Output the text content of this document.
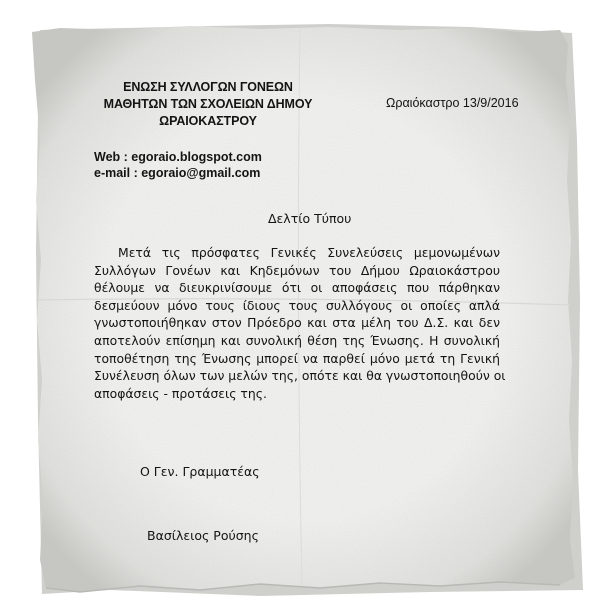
ΕΝΩΣΗ ΣΥΛΛΟΓΩΝ ΓΟΝΕΩΝ
ΜΑΘΗΤΩΝ ΤΩΝ ΣΧΟΛΕΙΩΝ ΔΗΜΟΥ
ΩΡΑΙΟΚΑΣΤΡΟΥ
Ωραιόκαστρο 13/9/2016
Web : egoraio.blogspot.com
e-mail : egoraio@gmail.com
Δελτίο Τύπου
Μετά τις πρόσφατες Γενικές Συνελεύσεις μεμονωμένων
Συλλόγων Γονέων και Κηδεμόνων του Δήμου Ωραιοκάστρου
θέλουμε να διευκρινίσουμε ότι οι αποφάσεις που πάρθηκαν
δεσμεύουν μόνο τους ίδιους τους συλλόγους οι οποίες απλά
γνωστοποιήθηκαν στον Πρόεδρο και στα μέλη του Δ.Σ. και δεν
αποτελούν επίσημη και συνολική θέση της Ένωσης. Η συνολική
τοποθέτηση της Ένωσης μπορεί να παρθεί μόνο μετά τη Γενική
Συνέλευση όλων των μελών της, οπότε και θα γνωστοποιηθούν οι
αποφάσεις - προτάσεις της.
Ο Γεν. Γραμματέας
Βασίλειος Ρούσης
